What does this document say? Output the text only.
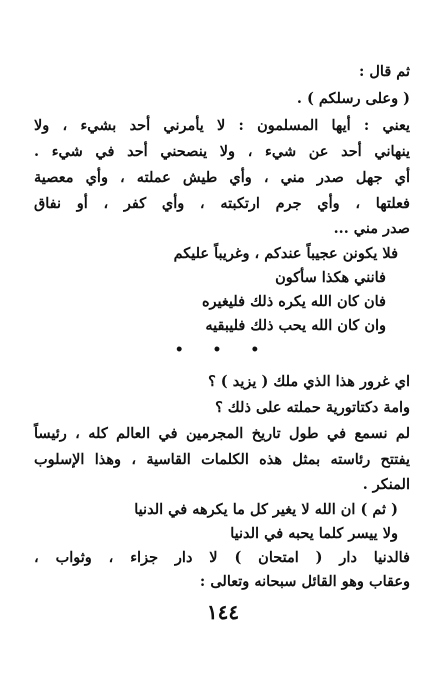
ثم قال :
( وعلى رسلكم ) .
يعني : أيها المسلمون : لا يأمرني أحد بشيء ، ولا
ينهاني أحد عن شيء ، ولا ينصحني أحد في شيء .
أي جهل صدر مني ، وأي طيش عملته ، وأي معصية
فعلتها ، وأي جرم ارتكبته ، وأي كفر ، أو نفاق
صدر مني ...
فلا يكونن عجيباً عندكم ، وغريباً عليكم
فانني هكذا سأكون
فان كان الله يكره ذلك فليغيره
وان كان الله يحب ذلك فليبقيه
• • •
اي غرور هذا الذي ملك ( يزيد ) ؟
وامة دكتاتورية حملته على ذلك ؟
لم نسمع في طول تاريخ المجرمين في العالم كله ، رئيساً
يفتتح رئاسته بمثل هذه الكلمات القاسية ، وهذا الإسلوب
المنكر .
( ثم ) ان الله لا يغير كل ما يكرهه في الدنيا
ولا ييسر كلما يحبه في الدنيا
فالدنيا دار ( امتحان ) لا دار جزاء ، وثواب ،
وعقاب وهو القائل سبحانه وتعالى :
١٤٤
